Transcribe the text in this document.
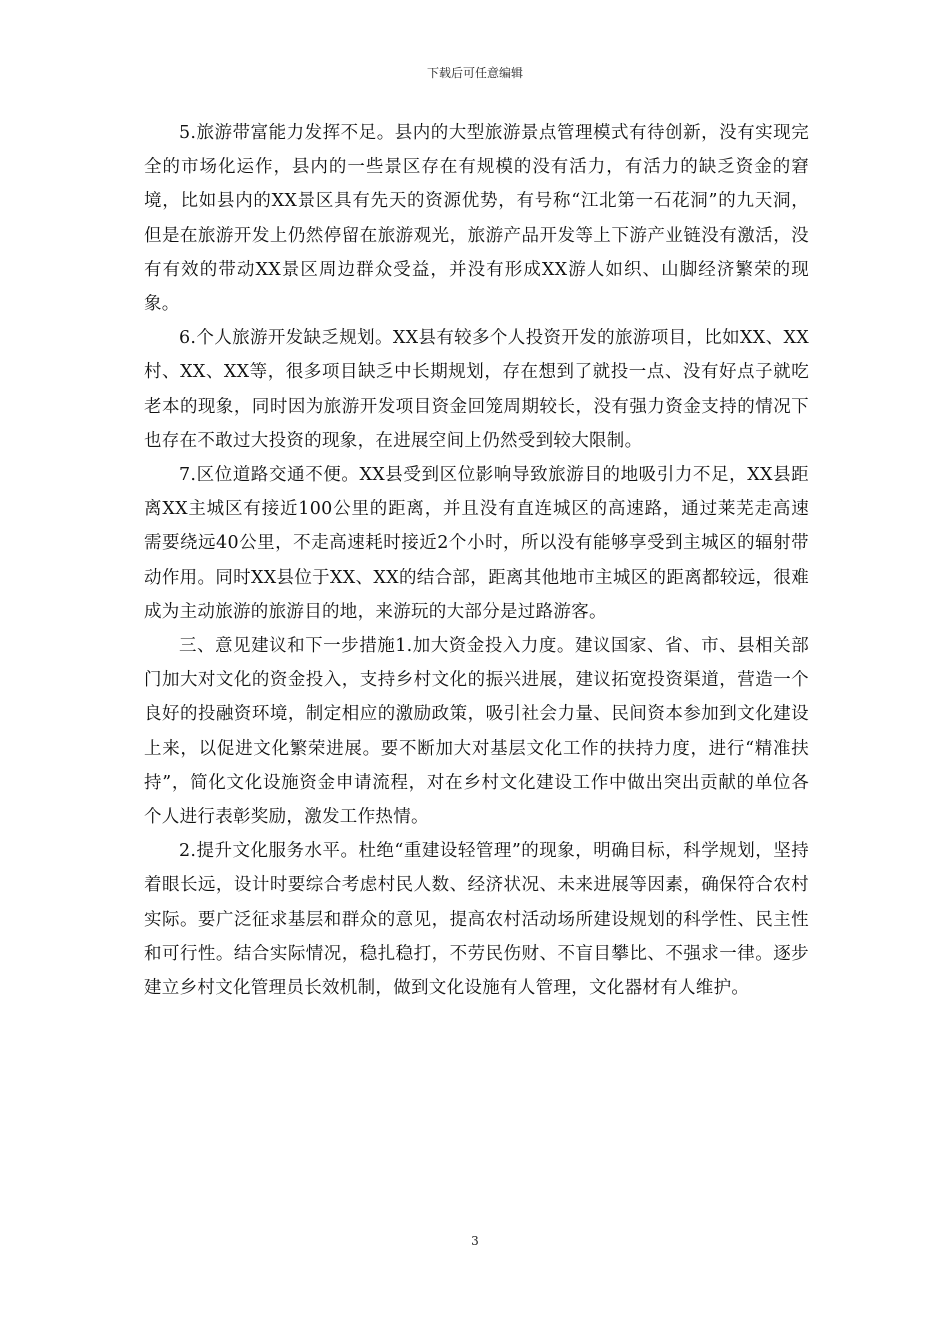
下载后可任意编辑

5.旅游带富能力发挥不足。县内的大型旅游景点管理模式有待创新，没有实现完全的市场化运作，县内的一些景区存在有规模的没有活力，有活力的缺乏资金的窘境，比如县内的XX景区具有先天的资源优势，有号称“江北第一石花洞”的九天洞，但是在旅游开发上仍然停留在旅游观光，旅游产品开发等上下游产业链没有激活，没有有效的带动XX景区周边群众受益，并没有形成XX游人如织、山脚经济繁荣的现象。

6.个人旅游开发缺乏规划。XX县有较多个人投资开发的旅游项目，比如XX、XX村、XX、XX等，很多项目缺乏中长期规划，存在想到了就投一点、没有好点子就吃老本的现象，同时因为旅游开发项目资金回笼周期较长，没有强力资金支持的情况下也存在不敢过大投资的现象，在进展空间上仍然受到较大限制。

7.区位道路交通不便。XX县受到区位影响导致旅游目的地吸引力不足，XX县距离XX主城区有接近100公里的距离，并且没有直连城区的高速路，通过莱芜走高速需要绕远40公里，不走高速耗时接近2个小时，所以没有能够享受到主城区的辐射带动作用。同时XX县位于XX、XX的结合部，距离其他地市主城区的距离都较远，很难成为主动旅游的旅游目的地，来游玩的大部分是过路游客。

三、意见建议和下一步措施1.加大资金投入力度。建议国家、省、市、县相关部门加大对文化的资金投入，支持乡村文化的振兴进展，建议拓宽投资渠道，营造一个良好的投融资环境，制定相应的激励政策，吸引社会力量、民间资本参加到文化建设上来，以促进文化繁荣进展。要不断加大对基层文化工作的扶持力度，进行“精准扶持”，简化文化设施资金申请流程，对在乡村文化建设工作中做出突出贡献的单位各个人进行表彰奖励，激发工作热情。

2.提升文化服务水平。杜绝“重建设轻管理”的现象，明确目标，科学规划，坚持着眼长远，设计时要综合考虑村民人数、经济状况、未来进展等因素，确保符合农村实际。要广泛征求基层和群众的意见，提高农村活动场所建设规划的科学性、民主性和可行性。结合实际情况，稳扎稳打，不劳民伤财、不盲目攀比、不强求一律。逐步建立乡村文化管理员长效机制，做到文化设施有人管理，文化器材有人维护。

3
